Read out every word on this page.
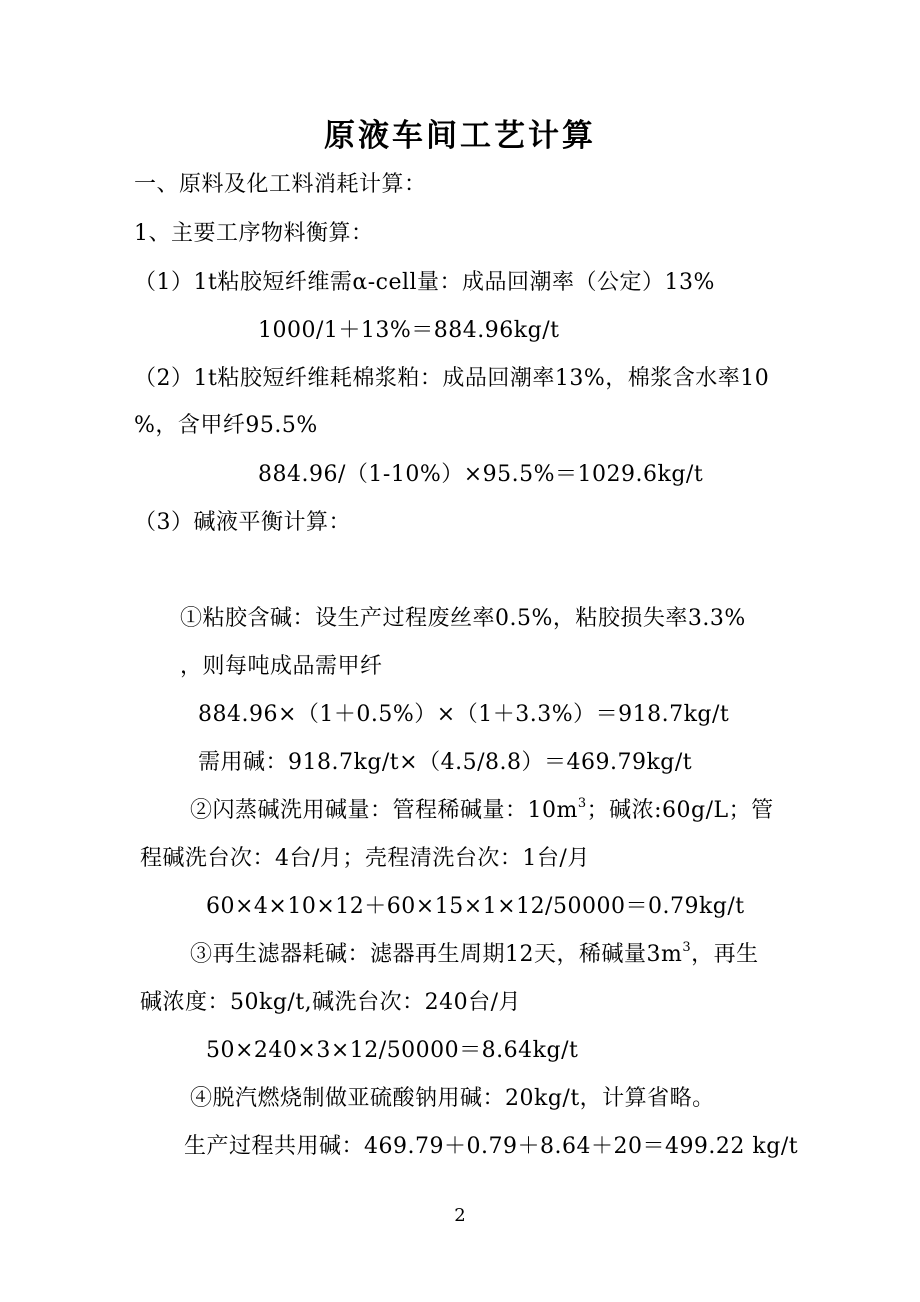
原液车间工艺计算
一、原料及化工料消耗计算：
1、主要工序物料衡算：
（1）1t粘胶短纤维需α-cell量：成品回潮率（公定）13%
1000/1＋13%＝884.96kg/t
（2）1t粘胶短纤维耗棉浆粕：成品回潮率13%，棉浆含水率10
%，含甲纤95.5%
884.96/（1-10%）×95.5%＝1029.6kg/t
（3）碱液平衡计算：
①粘胶含碱：设生产过程废丝率0.5%，粘胶损失率3.3%
，则每吨成品需甲纤
884.96×（1＋0.5%）×（1＋3.3%）＝918.7kg/t
需用碱：918.7kg/t×（4.5/8.8）＝469.79kg/t
②闪蒸碱洗用碱量：管程稀碱量：$10m^3$；碱浓:60g/L；管
程碱洗台次：4台/月；壳程清洗台次：1台/月
60×4×10×12＋60×15×1×12/50000＝0.79kg/t
③再生滤器耗碱：滤器再生周期12天，稀碱量$3m^3$，再生
碱浓度：50kg/t,碱洗台次：240台/月
50×240×3×12/50000＝8.64kg/t
④脱汽燃烧制做亚硫酸钠用碱：20kg/t，计算省略。
生产过程共用碱：469.79＋0.79＋8.64＋20＝499.22 kg/t
2
